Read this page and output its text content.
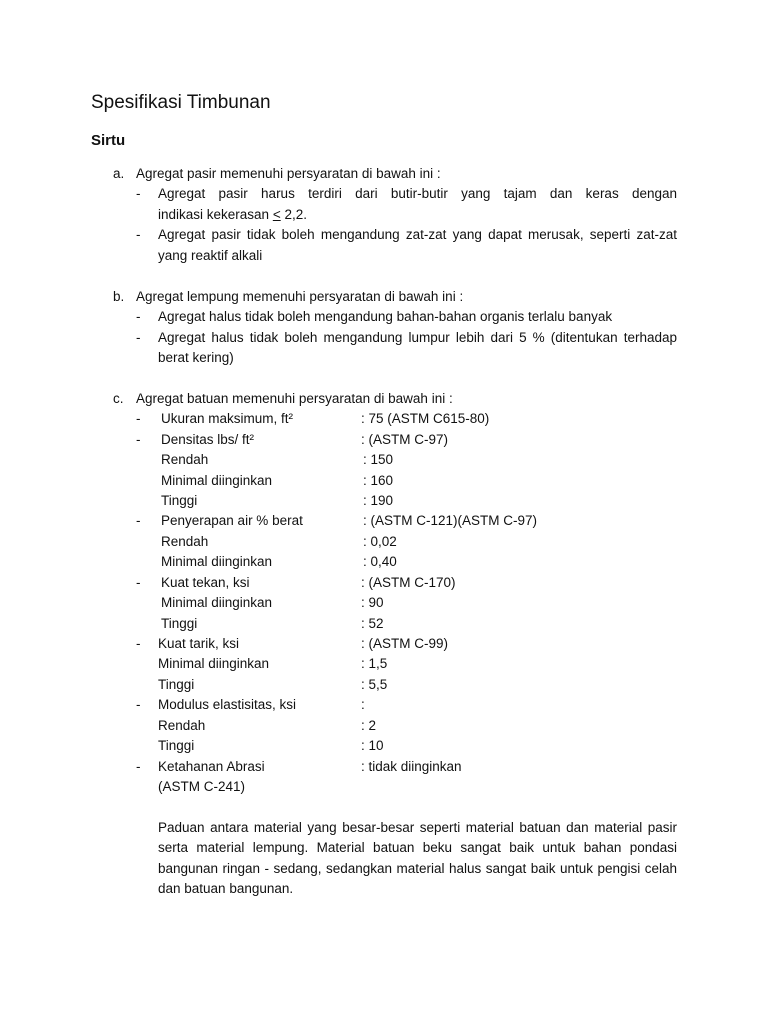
Spesifikasi Timbunan
Sirtu
a. Agregat pasir memenuhi persyaratan di bawah ini :
- Agregat pasir harus terdiri dari butir-butir yang tajam dan keras dengan
indikasi kekerasan ≤ 2,2.
- Agregat pasir tidak boleh mengandung zat-zat yang dapat merusak, seperti zat-zat
yang reaktif alkali
b. Agregat lempung memenuhi persyaratan di bawah ini :
- Agregat halus tidak boleh mengandung bahan-bahan organis terlalu banyak
- Agregat halus tidak boleh mengandung lumpur lebih dari 5 % (ditentukan terhadap
berat kering)
c. Agregat batuan memenuhi persyaratan di bawah ini :
- Ukuran maksimum, ft²	: 75 (ASTM C615-80)
- Densitas lbs/ ft²	: (ASTM C-97)
Rendah	: 150
Minimal diinginkan	: 160
Tinggi	: 190
- Penyerapan air % berat	: (ASTM C-121)(ASTM C-97)
Rendah	: 0,02
Minimal diinginkan	: 0,40
- Kuat tekan, ksi	: (ASTM C-170)
Minimal diinginkan	: 90
Tinggi	: 52
- Kuat tarik, ksi	: (ASTM C-99)
Minimal diinginkan	: 1,5
Tinggi	: 5,5
- Modulus elastisitas, ksi	:
Rendah	: 2
Tinggi	: 10
- Ketahanan Abrasi	: tidak diinginkan
(ASTM C-241)
Paduan antara material yang besar-besar seperti material batuan dan material pasir
serta material lempung. Material batuan beku sangat baik untuk bahan pondasi
bangunan ringan - sedang, sedangkan material halus sangat baik untuk pengisi celah
dan batuan bangunan.
